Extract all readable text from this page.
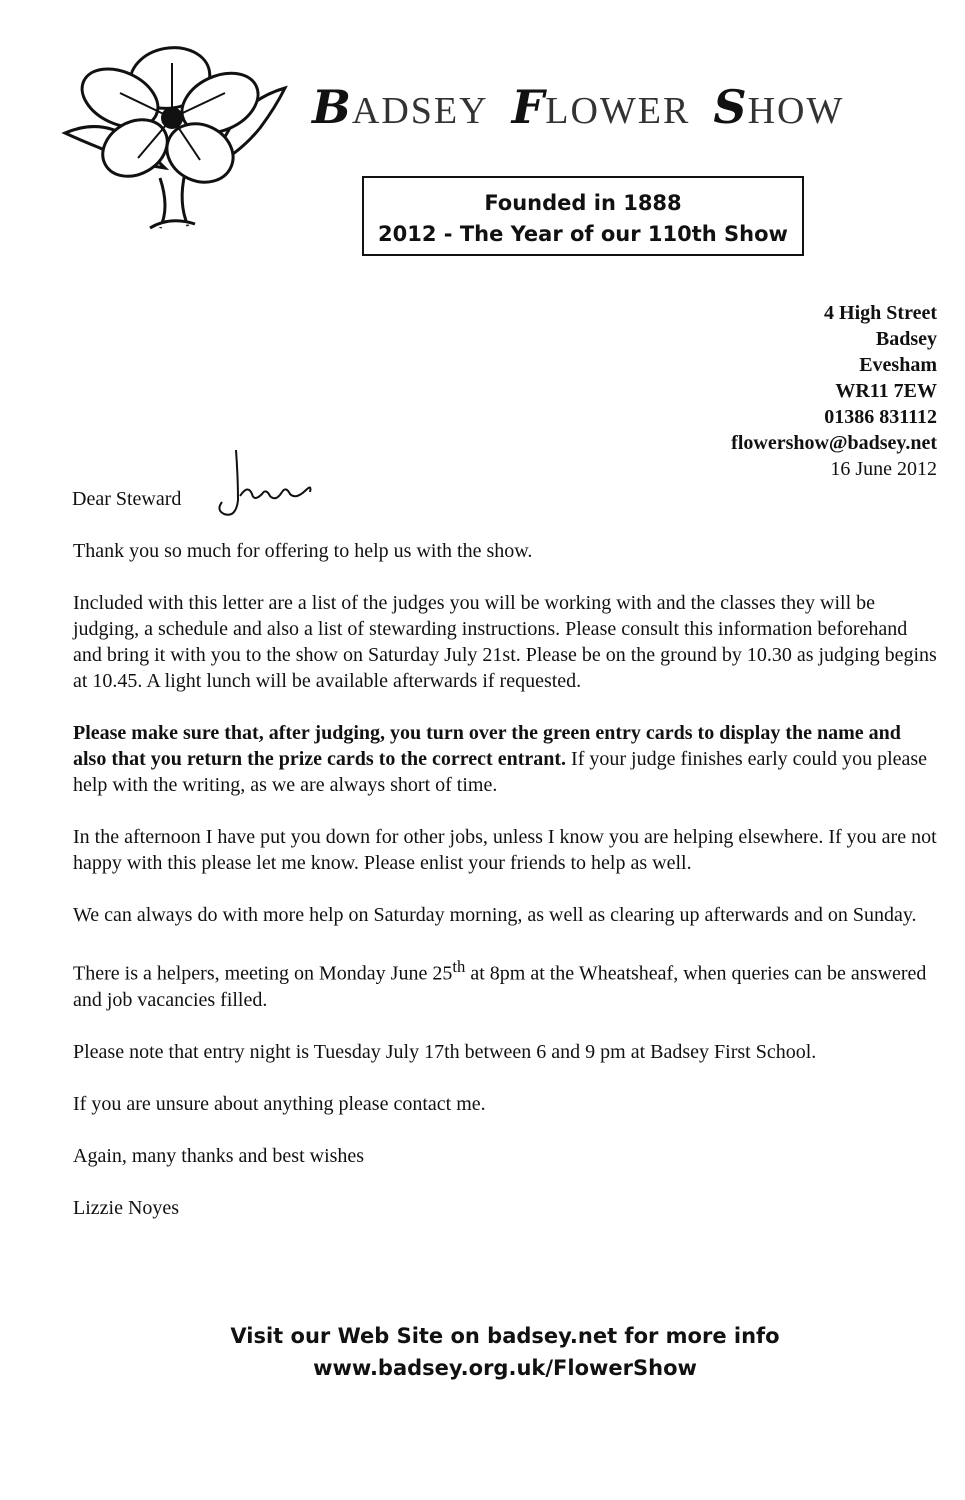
BADSEY FLOWER SHOW
Founded in 1888
2012 - The Year of our 110th Show
4 High Street
Badsey
Evesham
WR11 7EW
01386 831112
flowershow@badsey.net
16 June 2012
Dear Steward

Thank you so much for offering to help us with the show.

Included with this letter are a list of the judges you will be working with and the classes they will be judging, a schedule and also a list of stewarding instructions. Please consult this information beforehand and bring it with you to the show on Saturday July 21st. Please be on the ground by 10.30 as judging begins at 10.45. A light lunch will be available afterwards if requested.

Please make sure that, after judging, you turn over the green entry cards to display the name and also that you return the prize cards to the correct entrant. If your judge finishes early could you please help with the writing, as we are always short of time.

In the afternoon I have put you down for other jobs, unless I know you are helping elsewhere. If you are not happy with this please let me know. Please enlist your friends to help as well.

We can always do with more help on Saturday morning, as well as clearing up afterwards and on Sunday.

There is a helpers, meeting on Monday June 25th at 8pm at the Wheatsheaf, when queries can be answered and job vacancies filled.

Please note that entry night is Tuesday July 17th between 6 and 9 pm at Badsey First School.

If you are unsure about anything please contact me.

Again, many thanks and best wishes

Lizzie Noyes

Visit our Web Site on badsey.net for more info
www.badsey.org.uk/FlowerShow
